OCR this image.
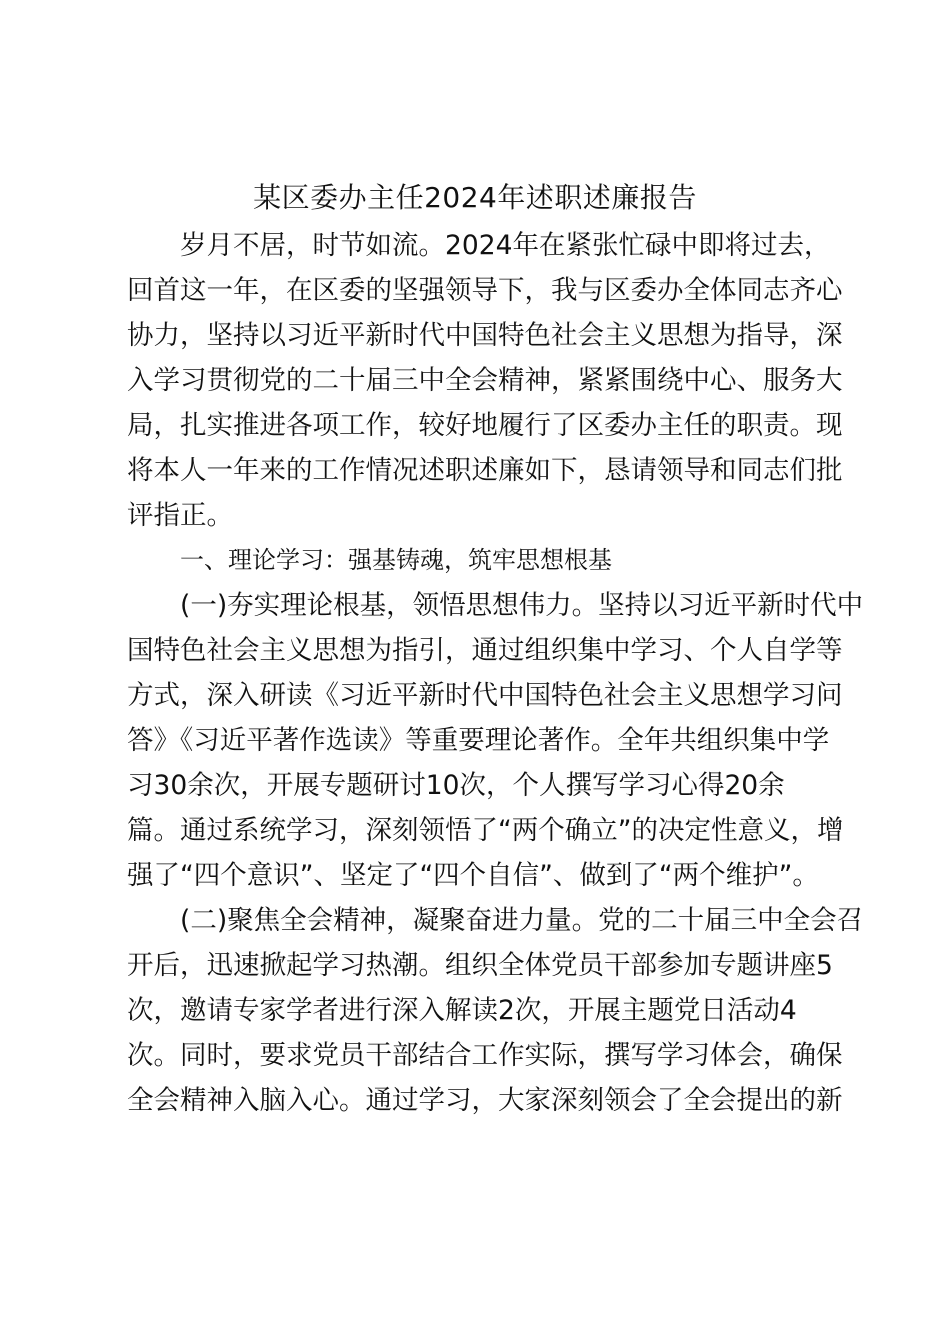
某区委办主任2024年述职述廉报告
岁月不居，时节如流。2024年在紧张忙碌中即将过去，
回首这一年，在区委的坚强领导下，我与区委办全体同志齐心
协力，坚持以习近平新时代中国特色社会主义思想为指导，深
入学习贯彻党的二十届三中全会精神，紧紧围绕中心、服务大
局，扎实推进各项工作，较好地履行了区委办主任的职责。现
将本人一年来的工作情况述职述廉如下，恳请领导和同志们批
评指正。
一、理论学习：强基铸魂，筑牢思想根基
(一)夯实理论根基，领悟思想伟力。坚持以习近平新时代中
国特色社会主义思想为指引，通过组织集中学习、个人自学等
方式，深入研读《习近平新时代中国特色社会主义思想学习问
答》《习近平著作选读》等重要理论著作。全年共组织集中学
习30余次，开展专题研讨10次，个人撰写学习心得20余
篇。通过系统学习，深刻领悟了“两个确立”的决定性意义，增
强了“四个意识”、坚定了“四个自信”、做到了“两个维护”。
(二)聚焦全会精神，凝聚奋进力量。党的二十届三中全会召
开后，迅速掀起学习热潮。组织全体党员干部参加专题讲座5
次，邀请专家学者进行深入解读2次，开展主题党日活动4
次。同时，要求党员干部结合工作实际，撰写学习体会，确保
全会精神入脑入心。通过学习，大家深刻领会了全会提出的新
